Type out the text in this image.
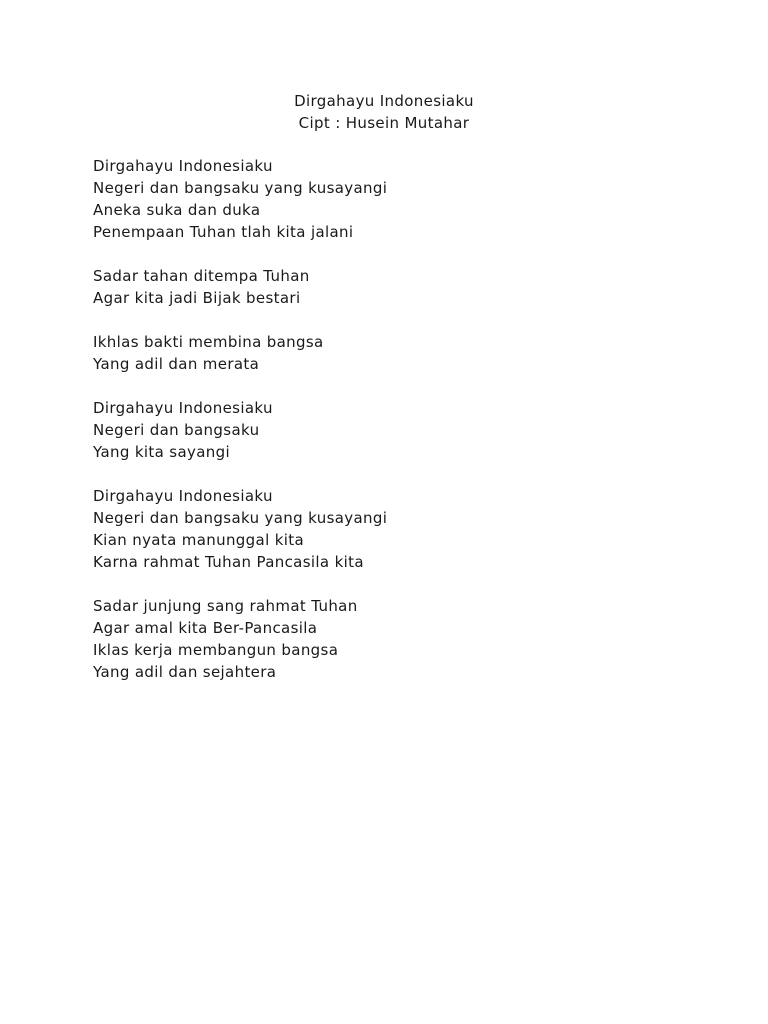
Dirgahayu Indonesiaku
Cipt : Husein Mutahar
Dirgahayu Indonesiaku
Negeri dan bangsaku yang kusayangi
Aneka suka dan duka
Penempaan Tuhan tlah kita jalani
Sadar tahan ditempa Tuhan
Agar kita jadi Bijak bestari
Ikhlas bakti membina bangsa
Yang adil dan merata
Dirgahayu Indonesiaku
Negeri dan bangsaku
Yang kita sayangi
Dirgahayu Indonesiaku
Negeri dan bangsaku yang kusayangi
Kian nyata manunggal kita
Karna rahmat Tuhan Pancasila kita
Sadar junjung sang rahmat Tuhan
Agar amal kita Ber-Pancasila
Iklas kerja membangun bangsa
Yang adil dan sejahtera
